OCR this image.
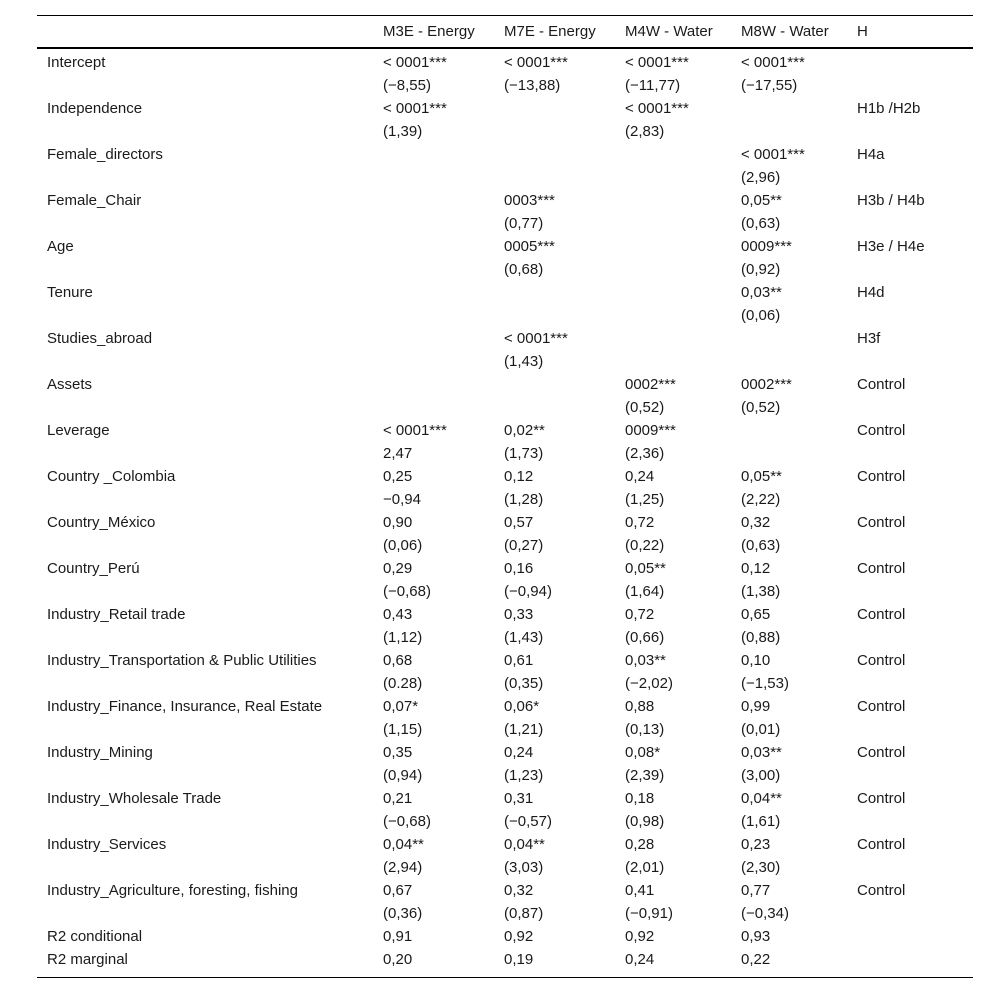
	M3E - Energy	M7E - Energy	M4W - Water	M8W - Water	H
Intercept	< 0001***	< 0001***	< 0001***	< 0001***	
	(−8,55)	(−13,88)	(−11,77)	(−17,55)	
Independence	< 0001***		< 0001***		H1b /H2b
	(1,39)		(2,83)		
Female_directors				< 0001***	H4a
				(2,96)	
Female_Chair		0003***		0,05**	H3b / H4b
		(0,77)		(0,63)	
Age		0005***		0009***	H3e / H4e
		(0,68)		(0,92)	
Tenure				0,03**	H4d
				(0,06)	
Studies_abroad		< 0001***			H3f
		(1,43)			
Assets			0002***	0002***	Control
			(0,52)	(0,52)	
Leverage	< 0001***	0,02**	0009***		Control
	2,47	(1,73)	(2,36)		
Country _Colombia	0,25	0,12	0,24	0,05**	Control
	−0,94	(1,28)	(1,25)	(2,22)	
Country_México	0,90	0,57	0,72	0,32	Control
	(0,06)	(0,27)	(0,22)	(0,63)	
Country_Perú	0,29	0,16	0,05**	0,12	Control
	(−0,68)	(−0,94)	(1,64)	(1,38)	
Industry_Retail trade	0,43	0,33	0,72	0,65	Control
	(1,12)	(1,43)	(0,66)	(0,88)	
Industry_Transportation & Public Utilities	0,68	0,61	0,03**	0,10	Control
	(0.28)	(0,35)	(−2,02)	(−1,53)	
Industry_Finance, Insurance, Real Estate	0,07*	0,06*	0,88	0,99	Control
	(1,15)	(1,21)	(0,13)	(0,01)	
Industry_Mining	0,35	0,24	0,08*	0,03**	Control
	(0,94)	(1,23)	(2,39)	(3,00)	
Industry_Wholesale Trade	0,21	0,31	0,18	0,04**	Control
	(−0,68)	(−0,57)	(0,98)	(1,61)	
Industry_Services	0,04**	0,04**	0,28	0,23	Control
	(2,94)	(3,03)	(2,01)	(2,30)	
Industry_Agriculture, foresting, fishing	0,67	0,32	0,41	0,77	Control
	(0,36)	(0,87)	(−0,91)	(−0,34)	
R2 conditional	0,91	0,92	0,92	0,93	
R2 marginal	0,20	0,19	0,24	0,22	
